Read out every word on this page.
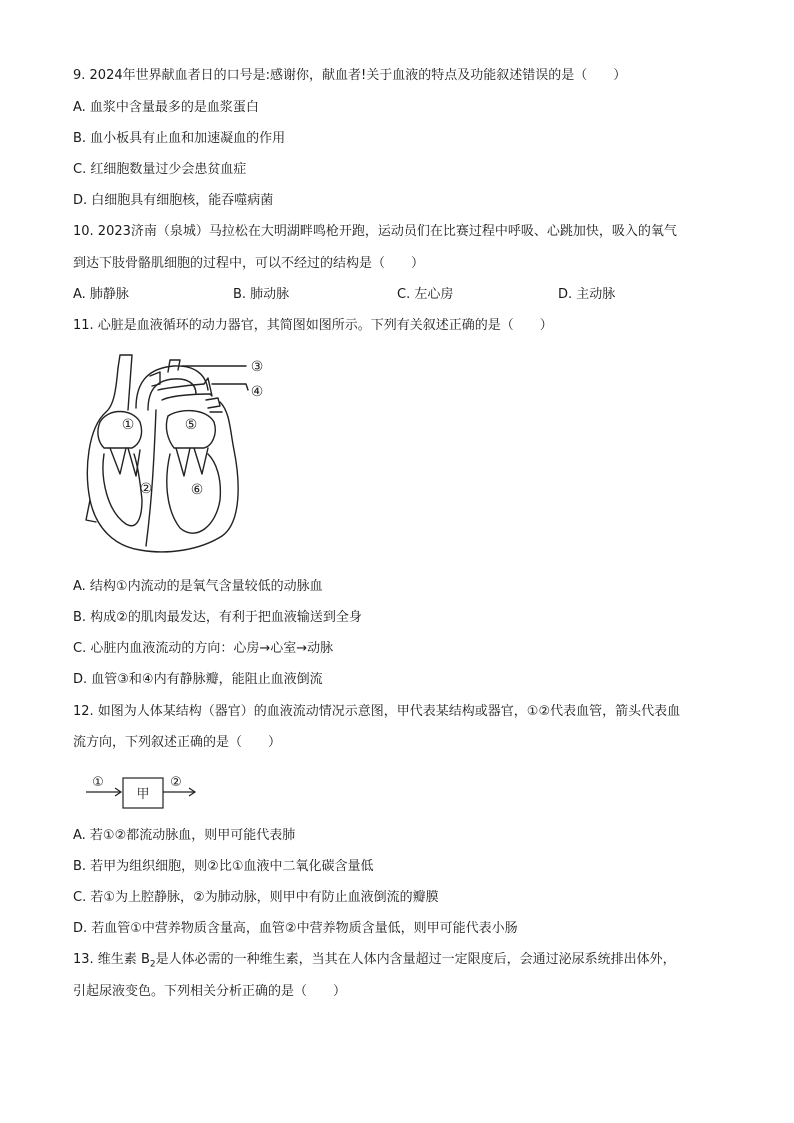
9. 2024年世界献血者日的口号是:感谢你，献血者!关于血液的特点及功能叙述错误的是（　　）
A. 血浆中含量最多的是血浆蛋白
B. 血小板具有止血和加速凝血的作用
C. 红细胞数量过少会患贫血症
D. 白细胞具有细胞核，能吞噬病菌
10. 2023济南（泉城）马拉松在大明湖畔鸣枪开跑，运动员们在比赛过程中呼吸、心跳加快，吸入的氧气
到达下肢骨骼肌细胞的过程中，可以不经过的结构是（　　）
A. 肺静脉	B. 肺动脉	C. 左心房	D. 主动脉
11. 心脏是血液循环的动力器官，其简图如图所示。下列有关叙述正确的是（　　）
①
②
③
④
⑤
⑥
A. 结构①内流动的是氧气含量较低的动脉血
B. 构成②的肌肉最发达，有利于把血液输送到全身
C. 心脏内血液流动的方向：心房→心室→动脉
D. 血管③和④内有静脉瓣，能阻止血液倒流
12. 如图为人体某结构（器官）的血液流动情况示意图，甲代表某结构或器官，①②代表血管，箭头代表血
流方向，下列叙述正确的是（　　）
①
甲
②
A. 若①②都流动脉血，则甲可能代表肺
B. 若甲为组织细胞，则②比①血液中二氧化碳含量低
C. 若①为上腔静脉，②为肺动脉，则甲中有防止血液倒流的瓣膜
D. 若血管①中营养物质含量高，血管②中营养物质含量低，则甲可能代表小肠
13. 维生素 $B_2$是人体必需的一种维生素，当其在人体内含量超过一定限度后，会通过泌尿系统排出体外，
引起尿液变色。下列相关分析正确的是（　　）
